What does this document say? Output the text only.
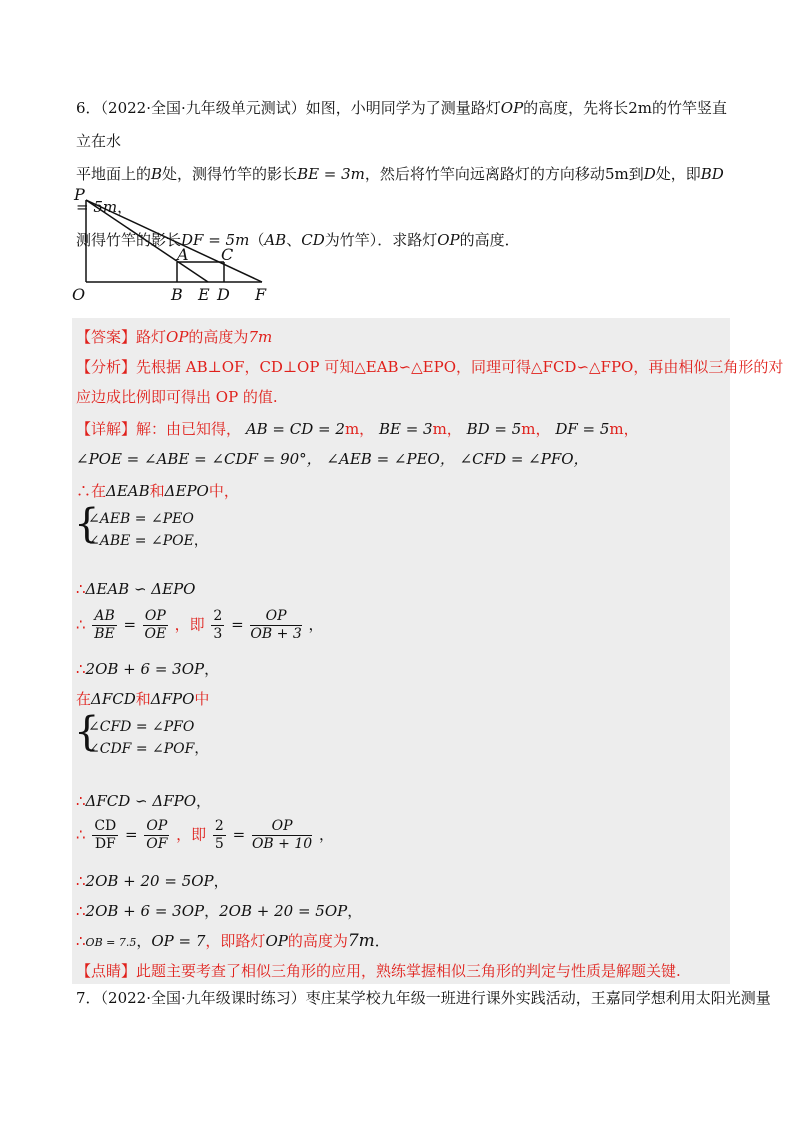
6．（2022·全国·九年级单元测试）如图，小明同学为了测量路灯OP的高度，先将长2m的竹竿竖直立在水
平地面上的B处，测得竹竿的影长BE = 3m，然后将竹竿向远离路灯的方向移动5m到D处，即BD = 5m，
测得竹竿的影长DF = 5m（AB、CD为竹竿）．求路灯OP的高度．
P
O
A C
B E D F
【答案】路灯OP的高度为7m
【分析】先根据 AB⊥OF，CD⊥OP 可知△EAB∽△EPO，同理可得△FCD∽△FPO，再由相似三角形的对
应边成比例即可得出 OP 的值.
【详解】解：由已知得， AB = CD = 2m， BE = 3m， BD = 5m， DF = 5m，
∠POE = ∠ABE = ∠CDF = 90°， ∠AEB = ∠PEO， ∠CFD = ∠PFO，
∴在ΔEAB和ΔEPO中，
{
∠AEB = ∠PEO
∠ABE = ∠POE，
∴ΔEAB ∽ ΔEPO
∴ $\frac{AB}{BE} = \frac{OP}{OE}$ ，即 $\frac{2}{3} = \frac{OP}{OB + 3}$ ，
∴2OB + 6 = 3OP，
在ΔFCD和ΔFPO中
{
∠CFD = ∠PFO
∠CDF = ∠POF，
∴ΔFCD ∽ ΔFPO，
∴ $\frac{CD}{DF} = \frac{OP}{OF}$ ，即 $\frac{2}{5} = \frac{OP}{OB + 10}$ ，
∴2OB + 20 = 5OP，
∴2OB + 6 = 3OP，2OB + 20 = 5OP，
∴OB = 7.5，OP = 7，即路灯OP的高度为7m．
【点睛】此题主要考查了相似三角形的应用，熟练掌握相似三角形的判定与性质是解题关键.
7．（2022·全国·九年级课时练习）枣庄某学校九年级一班进行课外实践活动，王嘉同学想利用太阳光测量
